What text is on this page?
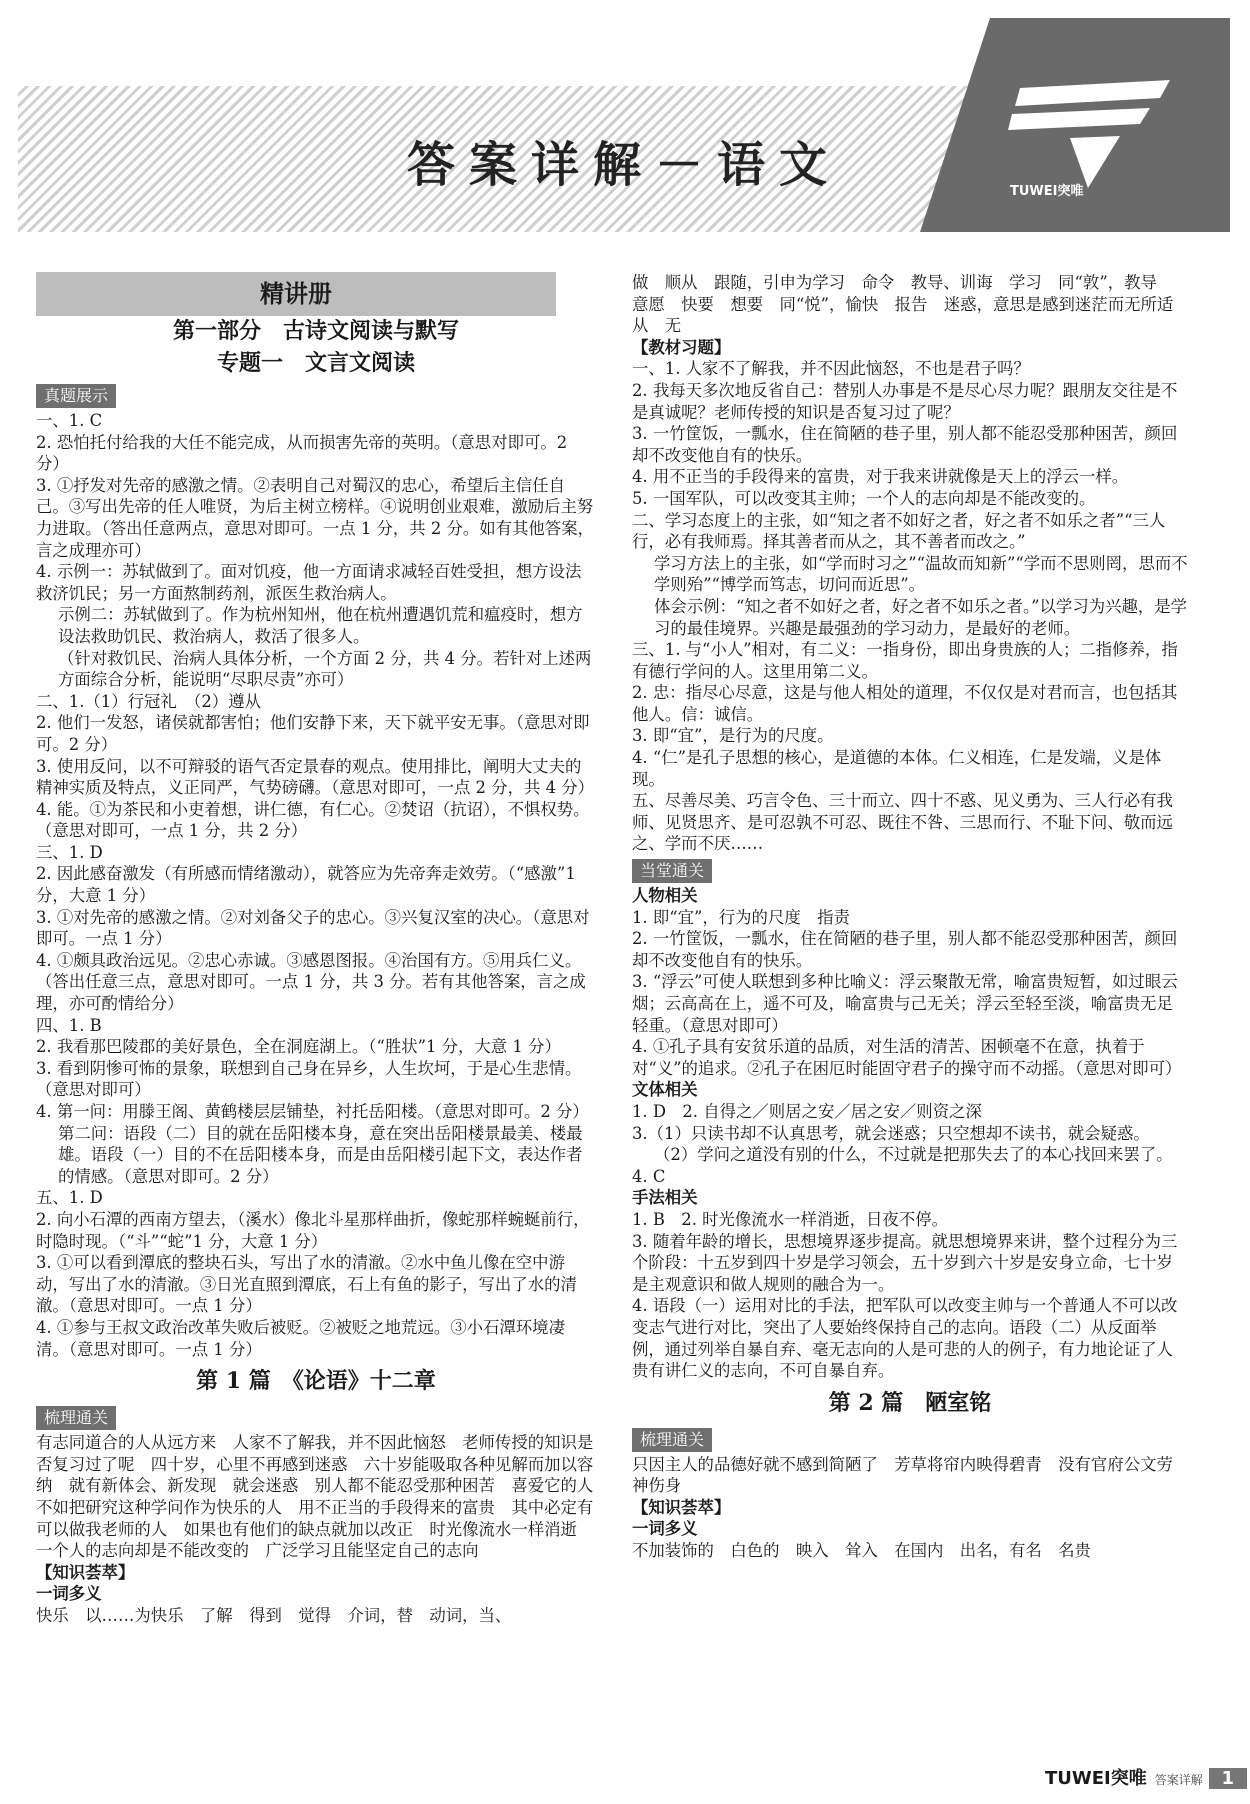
答案详解－语文	TUWEI突唯
精讲册
第一部分　古诗文阅读与默写
专题一　文言文阅读
真题展示

一、1. C

2. 恐怕托付给我的大任不能完成，从而损害先帝的英明。（意思对即可。2 分）

3. ①抒发对先帝的感激之情。②表明自己对蜀汉的忠心，希望后主信任自己。③写出先帝的任人唯贤，为后主树立榜样。④说明创业艰难，激励后主努力进取。（答出任意两点，意思对即可。一点 1 分，共 2 分。如有其他答案，言之成理亦可）

4. 示例一：苏轼做到了。面对饥疫，他一方面请求减轻百姓受担，想方设法救济饥民；另一方面熬制药剂，派医生救治病人。

示例二：苏轼做到了。作为杭州知州，他在杭州遭遇饥荒和瘟疫时，想方设法救助饥民、救治病人，救活了很多人。

（针对救饥民、治病人具体分析，一个方面 2 分，共 4 分。若针对上述两方面综合分析，能说明“尽职尽责”亦可）

二、1.（1）行冠礼　（2）遵从

2. 他们一发怒，诸侯就都害怕；他们安静下来，天下就平安无事。（意思对即可。2 分）

3. 使用反问，以不可辩驳的语气否定景春的观点。使用排比，阐明大丈夫的精神实质及特点，义正同严，气势磅礴。（意思对即可，一点 2 分，共 4 分）

4. 能。①为茶民和小吏着想，讲仁德，有仁心。②焚诏（抗诏），不惧权势。（意思对即可，一点 1 分，共 2 分）

三、1. D

2. 因此感奋激发（有所感而情绪激动），就答应为先帝奔走效劳。（“感激”1 分，大意 1 分）

3. ①对先帝的感激之情。②对刘备父子的忠心。③兴复汉室的决心。（意思对即可。一点 1 分）

4. ①颇具政治远见。②忠心赤诚。③感恩图报。④治国有方。⑤用兵仁义。（答出任意三点，意思对即可。一点 1 分，共 3 分。若有其他答案，言之成理，亦可酌情给分）

四、1. B

2. 我看那巴陵郡的美好景色，全在洞庭湖上。（“胜状”1 分，大意 1 分）

3. 看到阴惨可怖的景象，联想到自己身在异乡，人生坎坷，于是心生悲情。（意思对即可）

4. 第一问：用滕王阁、黄鹤楼层层铺垫，衬托岳阳楼。（意思对即可。2 分）

第二问：语段（二）目的就在岳阳楼本身，意在突出岳阳楼景最美、楼最雄。语段（一）目的不在岳阳楼本身，而是由岳阳楼引起下文，表达作者的情感。（意思对即可。2 分）

五、1. D

2. 向小石潭的西南方望去，（溪水）像北斗星那样曲折，像蛇那样蜿蜒前行，时隐时现。（“斗”“蛇”1 分，大意 1 分）

3. ①可以看到潭底的整块石头，写出了水的清澈。②水中鱼儿像在空中游动，写出了水的清澈。③日光直照到潭底，石上有鱼的影子，写出了水的清澈。（意思对即可。一点 1 分）

4. ①参与王叔文政治改革失败后被贬。②被贬之地荒远。③小石潭环境凄清。（意思对即可。一点 1 分）

第 1 篇　《论语》十二章
梳理通关

有志同道合的人从远方来　人家不了解我，并不因此恼怒　老师传授的知识是否复习过了呢　四十岁，心里不再感到迷惑　六十岁能吸取各种见解而加以容纳　就有新体会、新发现　就会迷惑　别人都不能忍受那种困苦　喜爱它的人不如把研究这种学问作为快乐的人　用不正当的手段得来的富贵　其中必定有可以做我老师的人　如果也有他们的缺点就加以改正　时光像流水一样消逝　一个人的志向却是不能改变的　广泛学习且能坚定自己的志向

【知识荟萃】

一词多义

快乐　以……为快乐　了解　得到　觉得　介词，替　动词，当、

做　顺从　跟随，引申为学习　命令　教导、训诲　学习　同“敦”，教导　意愿　快要　想要　同“悦”，愉快　报告　迷惑，意思是感到迷茫而无所适从　无

【教材习题】

一、1. 人家不了解我，并不因此恼怒，不也是君子吗？

2. 我每天多次地反省自己：替别人办事是不是尽心尽力呢？跟朋友交往是不是真诚呢？老师传授的知识是否复习过了呢？

3. 一竹筐饭，一瓢水，住在简陋的巷子里，别人都不能忍受那种困苦，颜回却不改变他自有的快乐。

4. 用不正当的手段得来的富贵，对于我来讲就像是天上的浮云一样。

5. 一国军队，可以改变其主帅；一个人的志向却是不能改变的。

二、学习态度上的主张，如“知之者不如好之者，好之者不如乐之者”“三人行，必有我师焉。择其善者而从之，其不善者而改之。”

学习方法上的主张，如“学而时习之”“温故而知新”“学而不思则罔，思而不学则殆”“博学而笃志，切问而近思”。

体会示例：“知之者不如好之者，好之者不如乐之者。”以学习为兴趣，是学习的最佳境界。兴趣是最强劲的学习动力，是最好的老师。

三、1. 与“小人”相对，有二义：一指身份，即出身贵族的人；二指修养，指有德行学问的人。这里用第二义。

2. 忠：指尽心尽意，这是与他人相处的道理，不仅仅是对君而言，也包括其他人。信：诚信。

3. 即“宜”，是行为的尺度。

4. “仁”是孔子思想的核心，是道德的本体。仁义相连，仁是发端，义是体现。

五、尽善尽美、巧言令色、三十而立、四十不惑、见义勇为、三人行必有我师、见贤思齐、是可忍孰不可忍、既往不咎、三思而行、不耻下问、敬而远之、学而不厌……

当堂通关

人物相关

1. 即“宜”，行为的尺度　指责

2. 一竹筐饭，一瓢水，住在简陋的巷子里，别人都不能忍受那种困苦，颜回却不改变他自有的快乐。

3. “浮云”可使人联想到多种比喻义：浮云聚散无常，喻富贵短暂，如过眼云烟；云高高在上，遥不可及，喻富贵与己无关；浮云至轻至淡，喻富贵无足轻重。（意思对即可）

4. ①孔子具有安贫乐道的品质，对生活的清苦、困顿毫不在意，执着于对“义”的追求。②孔子在困厄时能固守君子的操守而不动摇。（意思对即可）

文体相关

1. D　2. 自得之／则居之安／居之安／则资之深

3.（1）只读书却不认真思考，就会迷惑；只空想却不读书，就会疑惑。

（2）学问之道没有别的什么，不过就是把那失去了的本心找回来罢了。

4. C

手法相关

1. B　2. 时光像流水一样消逝，日夜不停。

3. 随着年龄的增长，思想境界逐步提高。就思想境界来讲，整个过程分为三个阶段：十五岁到四十岁是学习领会，五十岁到六十岁是安身立命，七十岁是主观意识和做人规则的融合为一。

4. 语段（一）运用对比的手法，把军队可以改变主帅与一个普通人不可以改变志气进行对比，突出了人要始终保持自己的志向。语段（二）从反面举例，通过列举自暴自弃、毫无志向的人是可悲的人的例子，有力地论证了人贵有讲仁义的志向，不可自暴自弃。

第 2 篇　陋室铭
梳理通关

只因主人的品德好就不感到简陋了　芳草将帘内映得碧青　没有官府公文劳神伤身

【知识荟萃】

一词多义

不加装饰的　白色的　映入　耸入　在国内　出名，有名　名贵

TUWEI突唯 答案详解 1
